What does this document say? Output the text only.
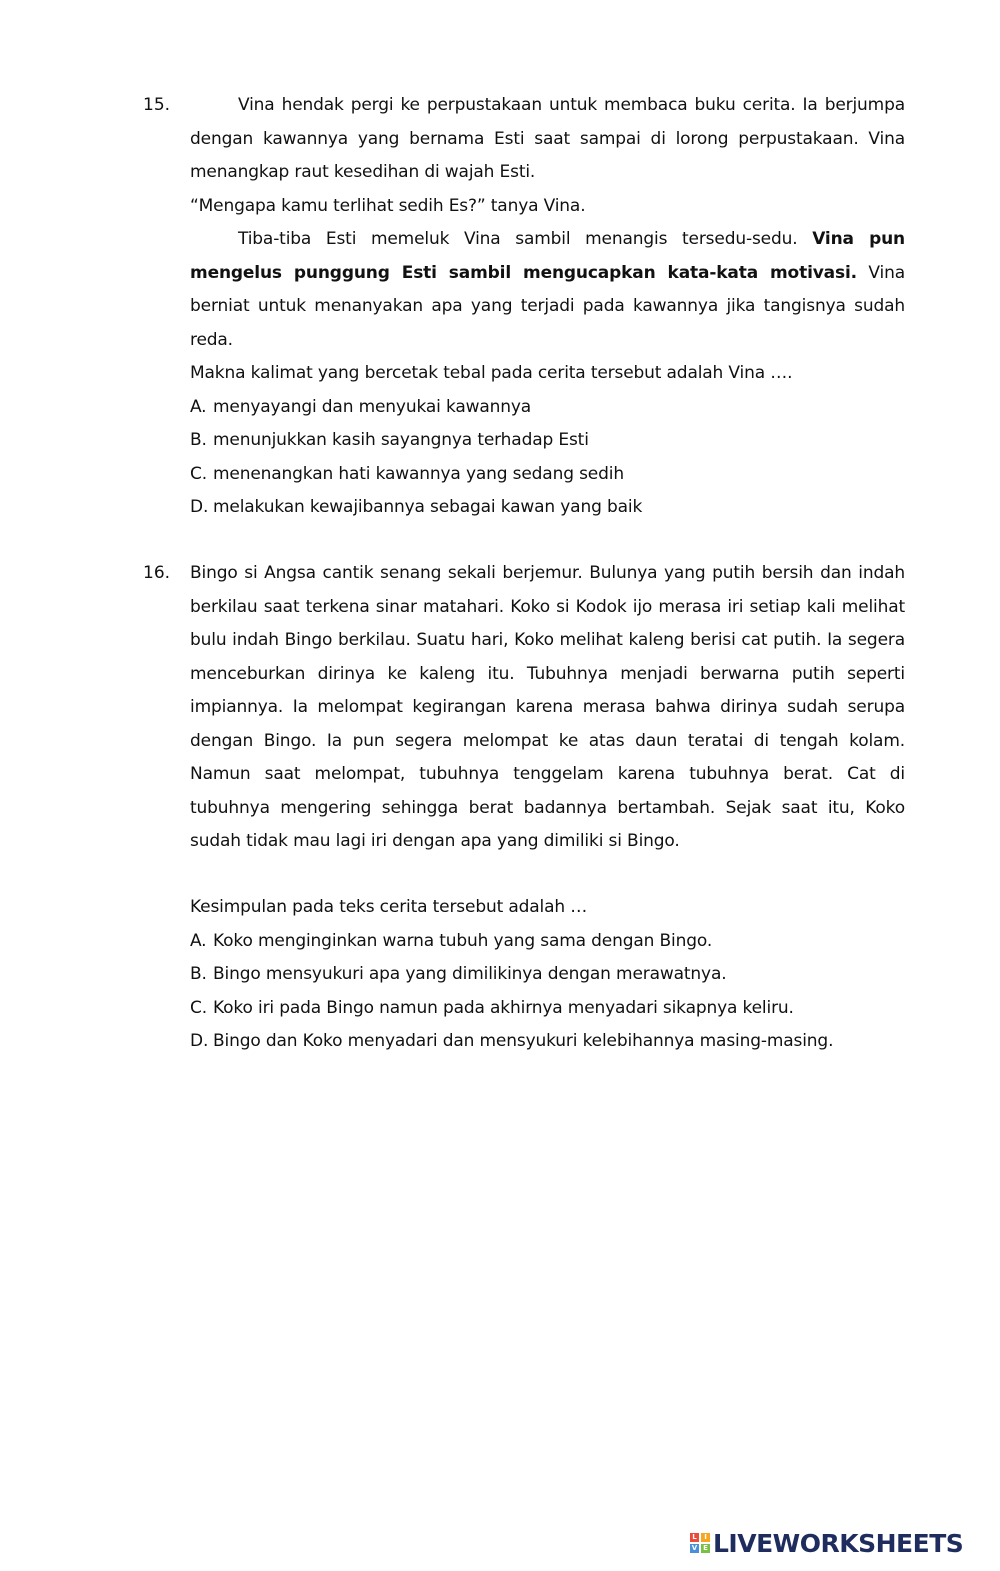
15.	Vina hendak pergi ke perpustakaan untuk membaca buku cerita. Ia berjumpa dengan kawannya yang bernama Esti saat sampai di lorong perpustakaan. Vina menangkap raut kesedihan di wajah Esti.

“Mengapa kamu terlihat sedih Es?” tanya Vina.

Tiba-tiba Esti memeluk Vina sambil menangis tersedu-sedu. Vina pun mengelus punggung Esti sambil mengucapkan kata-kata motivasi. Vina berniat untuk menanyakan apa yang terjadi pada kawannya jika tangisnya sudah reda.

Makna kalimat yang bercetak tebal pada cerita tersebut adalah Vina ….

A. menyayangi dan menyukai kawannya

B. menunjukkan kasih sayangnya terhadap Esti

C. menenangkan hati kawannya yang sedang sedih

D. melakukan kewajibannya sebagai kawan yang baik

16. Bingo si Angsa cantik senang sekali berjemur. Bulunya yang putih bersih dan indah berkilau saat terkena sinar matahari. Koko si Kodok ijo merasa iri setiap kali melihat bulu indah Bingo berkilau. Suatu hari, Koko melihat kaleng berisi cat putih. Ia segera menceburkan dirinya ke kaleng itu. Tubuhnya menjadi berwarna putih seperti impiannya. Ia melompat kegirangan karena merasa bahwa dirinya sudah serupa dengan Bingo. Ia pun segera melompat ke atas daun teratai di tengah kolam. Namun saat melompat, tubuhnya tenggelam karena tubuhnya berat. Cat di tubuhnya mengering sehingga berat badannya bertambah. Sejak saat itu, Koko sudah tidak mau lagi iri dengan apa yang dimiliki si Bingo.

Kesimpulan pada teks cerita tersebut adalah …

A. Koko menginginkan warna tubuh yang sama dengan Bingo.

B. Bingo mensyukuri apa yang dimilikinya dengan merawatnya.

C. Koko iri pada Bingo namun pada akhirnya menyadari sikapnya keliru.

D. Bingo dan Koko menyadari dan mensyukuri kelebihannya masing-masing.

L	I
V E LIVEWORKSHEETS
